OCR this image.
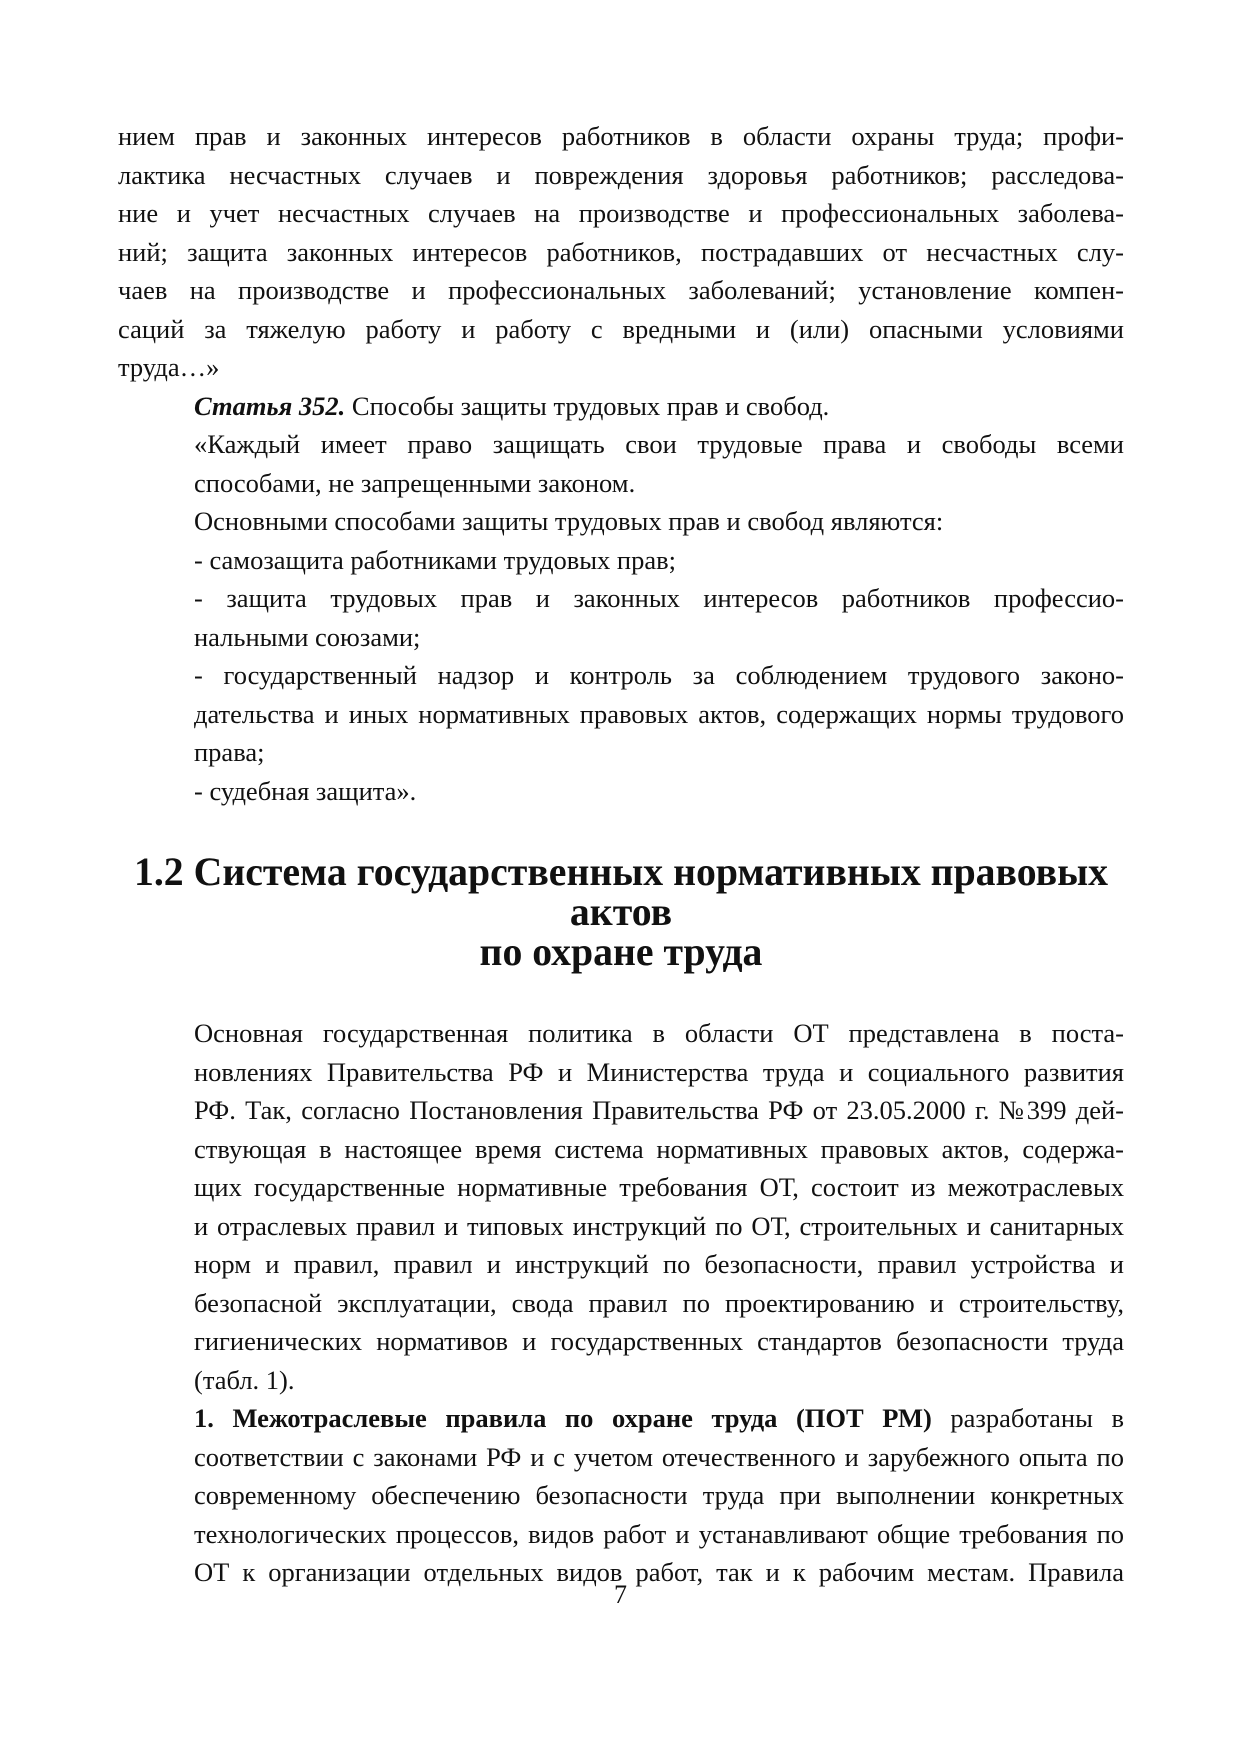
нием прав и законных интересов работников в области охраны труда; профи-
лактика несчастных случаев и повреждения здоровья работников; расследова-
ние и учет несчастных случаев на производстве и профессиональных заболева-
ний; защита законных интересов работников, пострадавших от несчастных слу-
чаев на производстве и профессиональных заболеваний; установление компен-
саций за тяжелую работу и работу с вредными и (или) опасными условиями
труда…»

Статья 352. Способы защиты трудовых прав и свобод.

«Каждый имеет право защищать свои трудовые права и свободы всеми
способами, не запрещенными законом.

Основными способами защиты трудовых прав и свобод являются:

- самозащита работниками трудовых прав;

- защита трудовых прав и законных интересов работников профессио-
нальными союзами;

- государственный надзор и контроль за соблюдением трудового законо-
дательства и иных нормативных правовых актов, содержащих нормы трудового
права;

- судебная защита».

1.2 Система государственных нормативных правовых актов
по охране труда

Основная государственная политика в области ОТ представлена в поста-
новлениях Правительства РФ и Министерства труда и социального развития
РФ. Так, согласно Постановления Правительства РФ от 23.05.2000 г. №399 дей-
ствующая в настоящее время система нормативных правовых актов, содержа-
щих государственные нормативные требования ОТ, состоит из межотраслевых
и отраслевых правил и типовых инструкций по ОТ, строительных и санитарных
норм и правил, правил и инструкций по безопасности, правил устройства и
безопасной эксплуатации, свода правил по проектированию и строительству,
гигиенических нормативов и государственных стандартов безопасности труда
(табл. 1).

1. Межотраслевые правила по охране труда (ПОТ РМ) разработаны в
соответствии с законами РФ и с учетом отечественного и зарубежного опыта по
современному обеспечению безопасности труда при выполнении конкретных
технологических процессов, видов работ и устанавливают общие требования по
ОТ к организации отдельных видов работ, так и к рабочим местам. Правила

7
